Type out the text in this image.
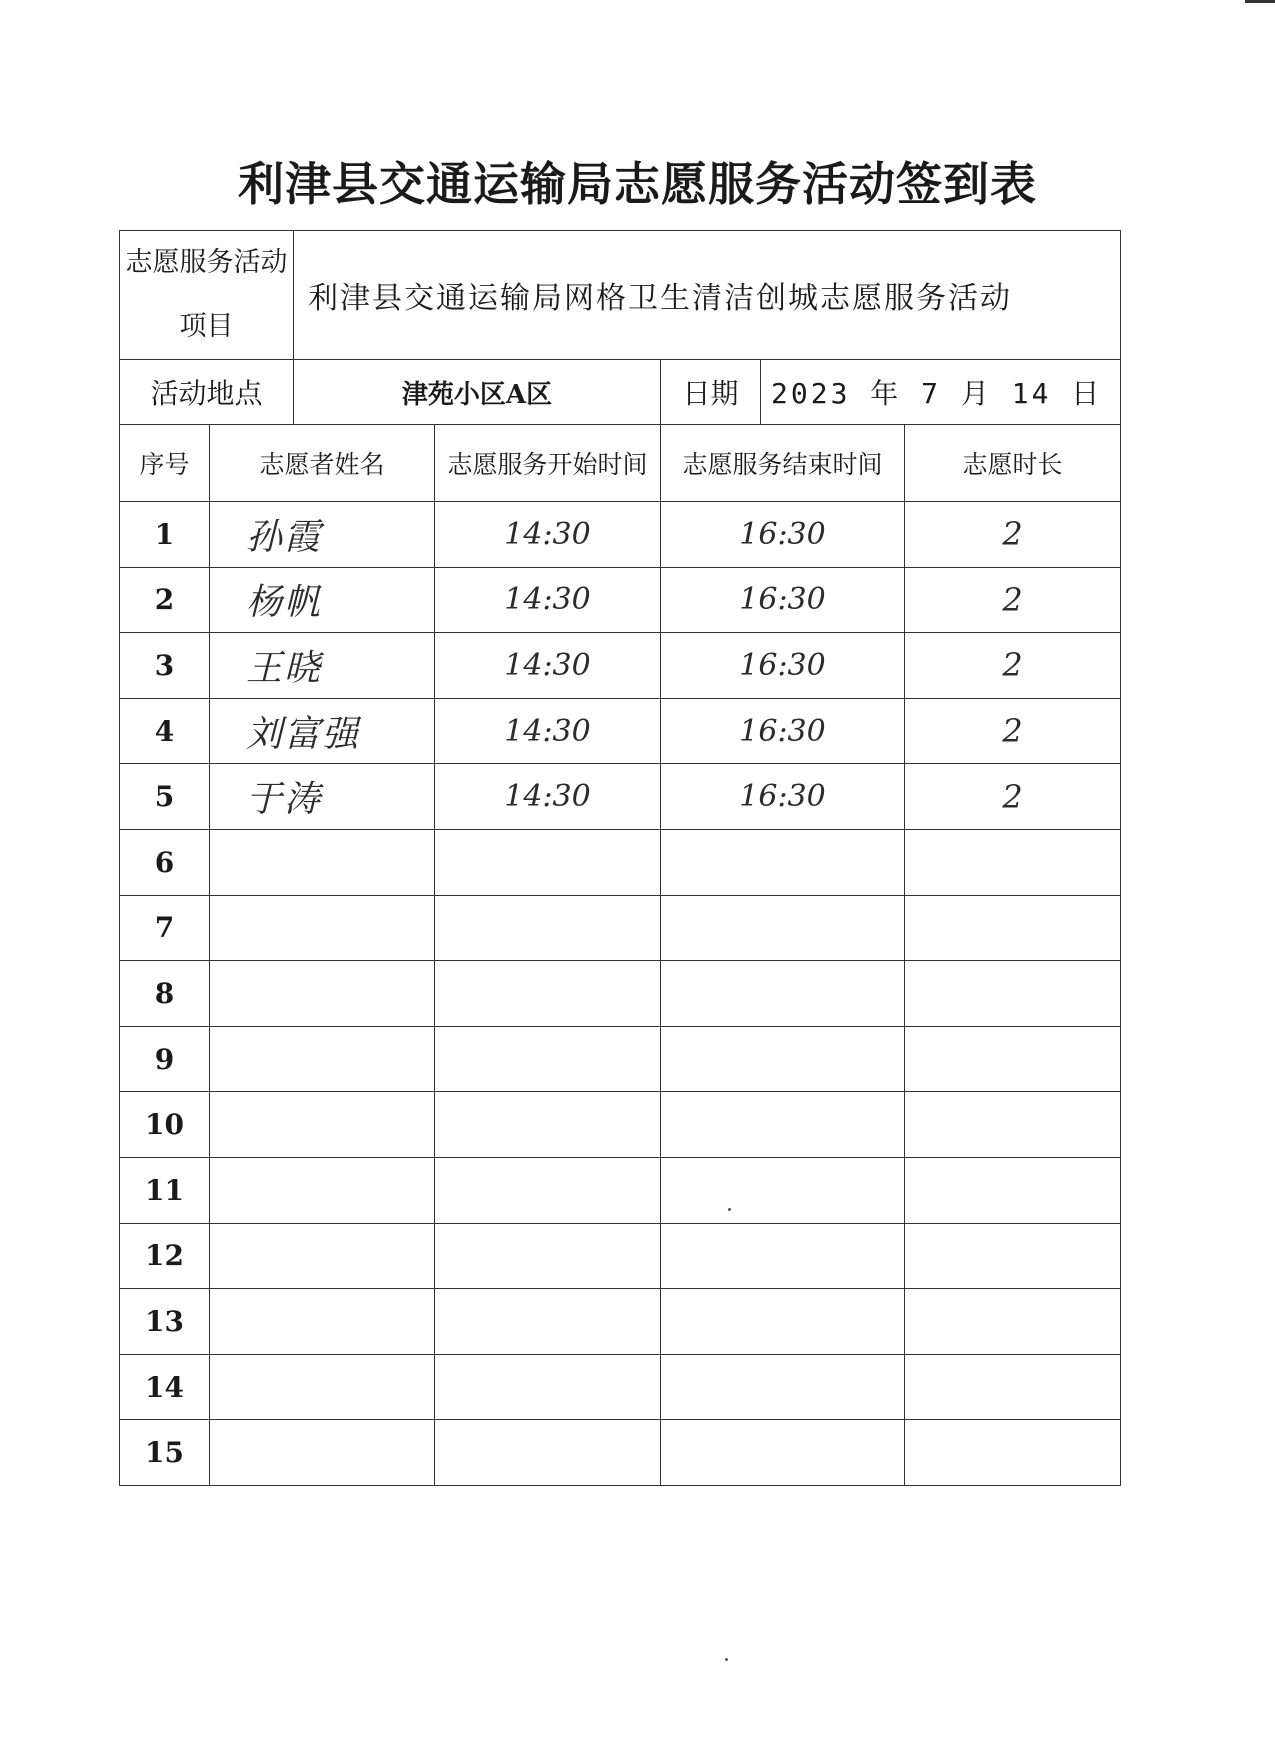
利津县交通运输局志愿服务活动签到表
志愿服务活动项目		利津县交通运输局网格卫生清洁创城志愿服务活动				
活动地点		津苑小区A区		日期	2023 年 7 月 14 日	
序号	志愿者姓名		志愿服务开始时间	志愿服务结束时间		志愿时长
1	孙霞		14:30	16:30		2
2	杨帆		14:30	16:30		2
3	王晓		14:30	16:30		2
4	刘富强		14:30	16:30		2
5	于涛		14:30	16:30		2
6						
7						
8						
9						
10						
11						
12						
13						
14						
15						
